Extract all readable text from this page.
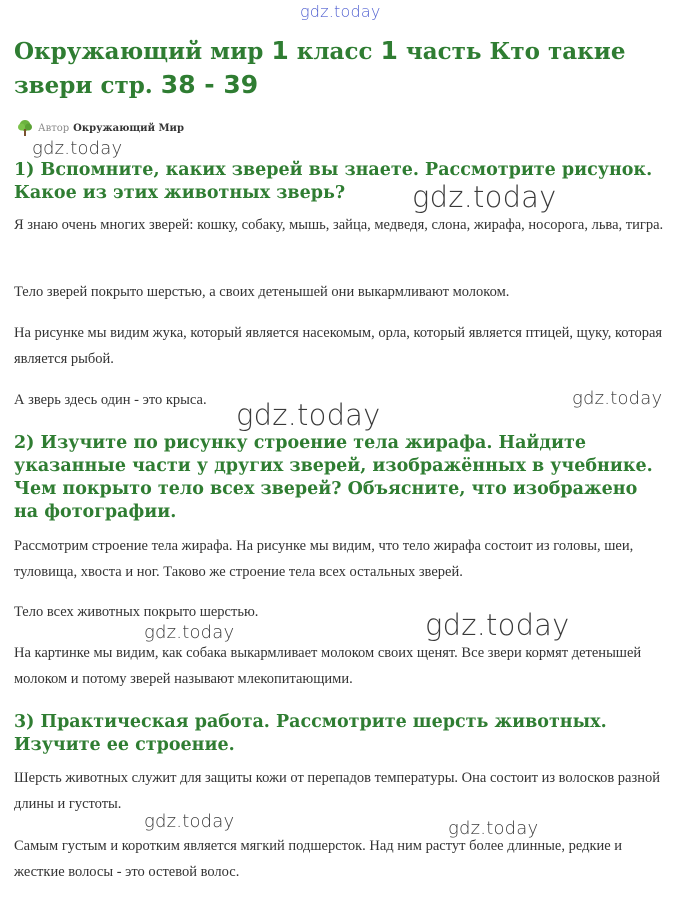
gdz.today
Окружающий мир 1 класс 1 часть Кто такие звери стр. 38 - 39
Автор Окружающий Мир
1) Вспомните, каких зверей вы знаете. Рассмотрите рисунок. Какое из этих животных зверь?

Я знаю очень многих зверей: кошку, собаку, мышь, зайца, медведя, слона, жирафа, носорога, льва, тигра.

Тело зверей покрыто шерстью, а своих детенышей они выкармливают молоком.

На рисунке мы видим жука, который является насекомым, орла, который является птицей, щуку, которая является рыбой.

А зверь здесь один - это крыса.

2) Изучите по рисунку строение тела жирафа. Найдите указанные части у других зверей, изображённых в учебнике. Чем покрыто тело всех зверей? Объясните, что изображено на фотографии.

Рассмотрим строение тела жирафа. На рисунке мы видим, что тело жирафа состоит из головы, шеи, туловища, хвоста и ног. Таково же строение тела всех остальных зверей.

Тело всех животных покрыто шерстью.

На картинке мы видим, как собака выкармливает молоком своих щенят. Все звери кормят детенышей молоком и потому зверей называют млекопитающими.

3) Практическая работа. Рассмотрите шерсть животных. Изучите ее строение.

Шерсть животных служит для защиты кожи от перепадов температуры. Она состоит из волосков разной длины и густоты.

Самым густым и коротким является мягкий подшерсток. Над ним растут более длинные, редкие и жесткие волосы - это остевой волос.

gdz.today
gdz.today
gdz.today
gdz.today
gdz.today	gdz.today
gdz.today	gdz.today
